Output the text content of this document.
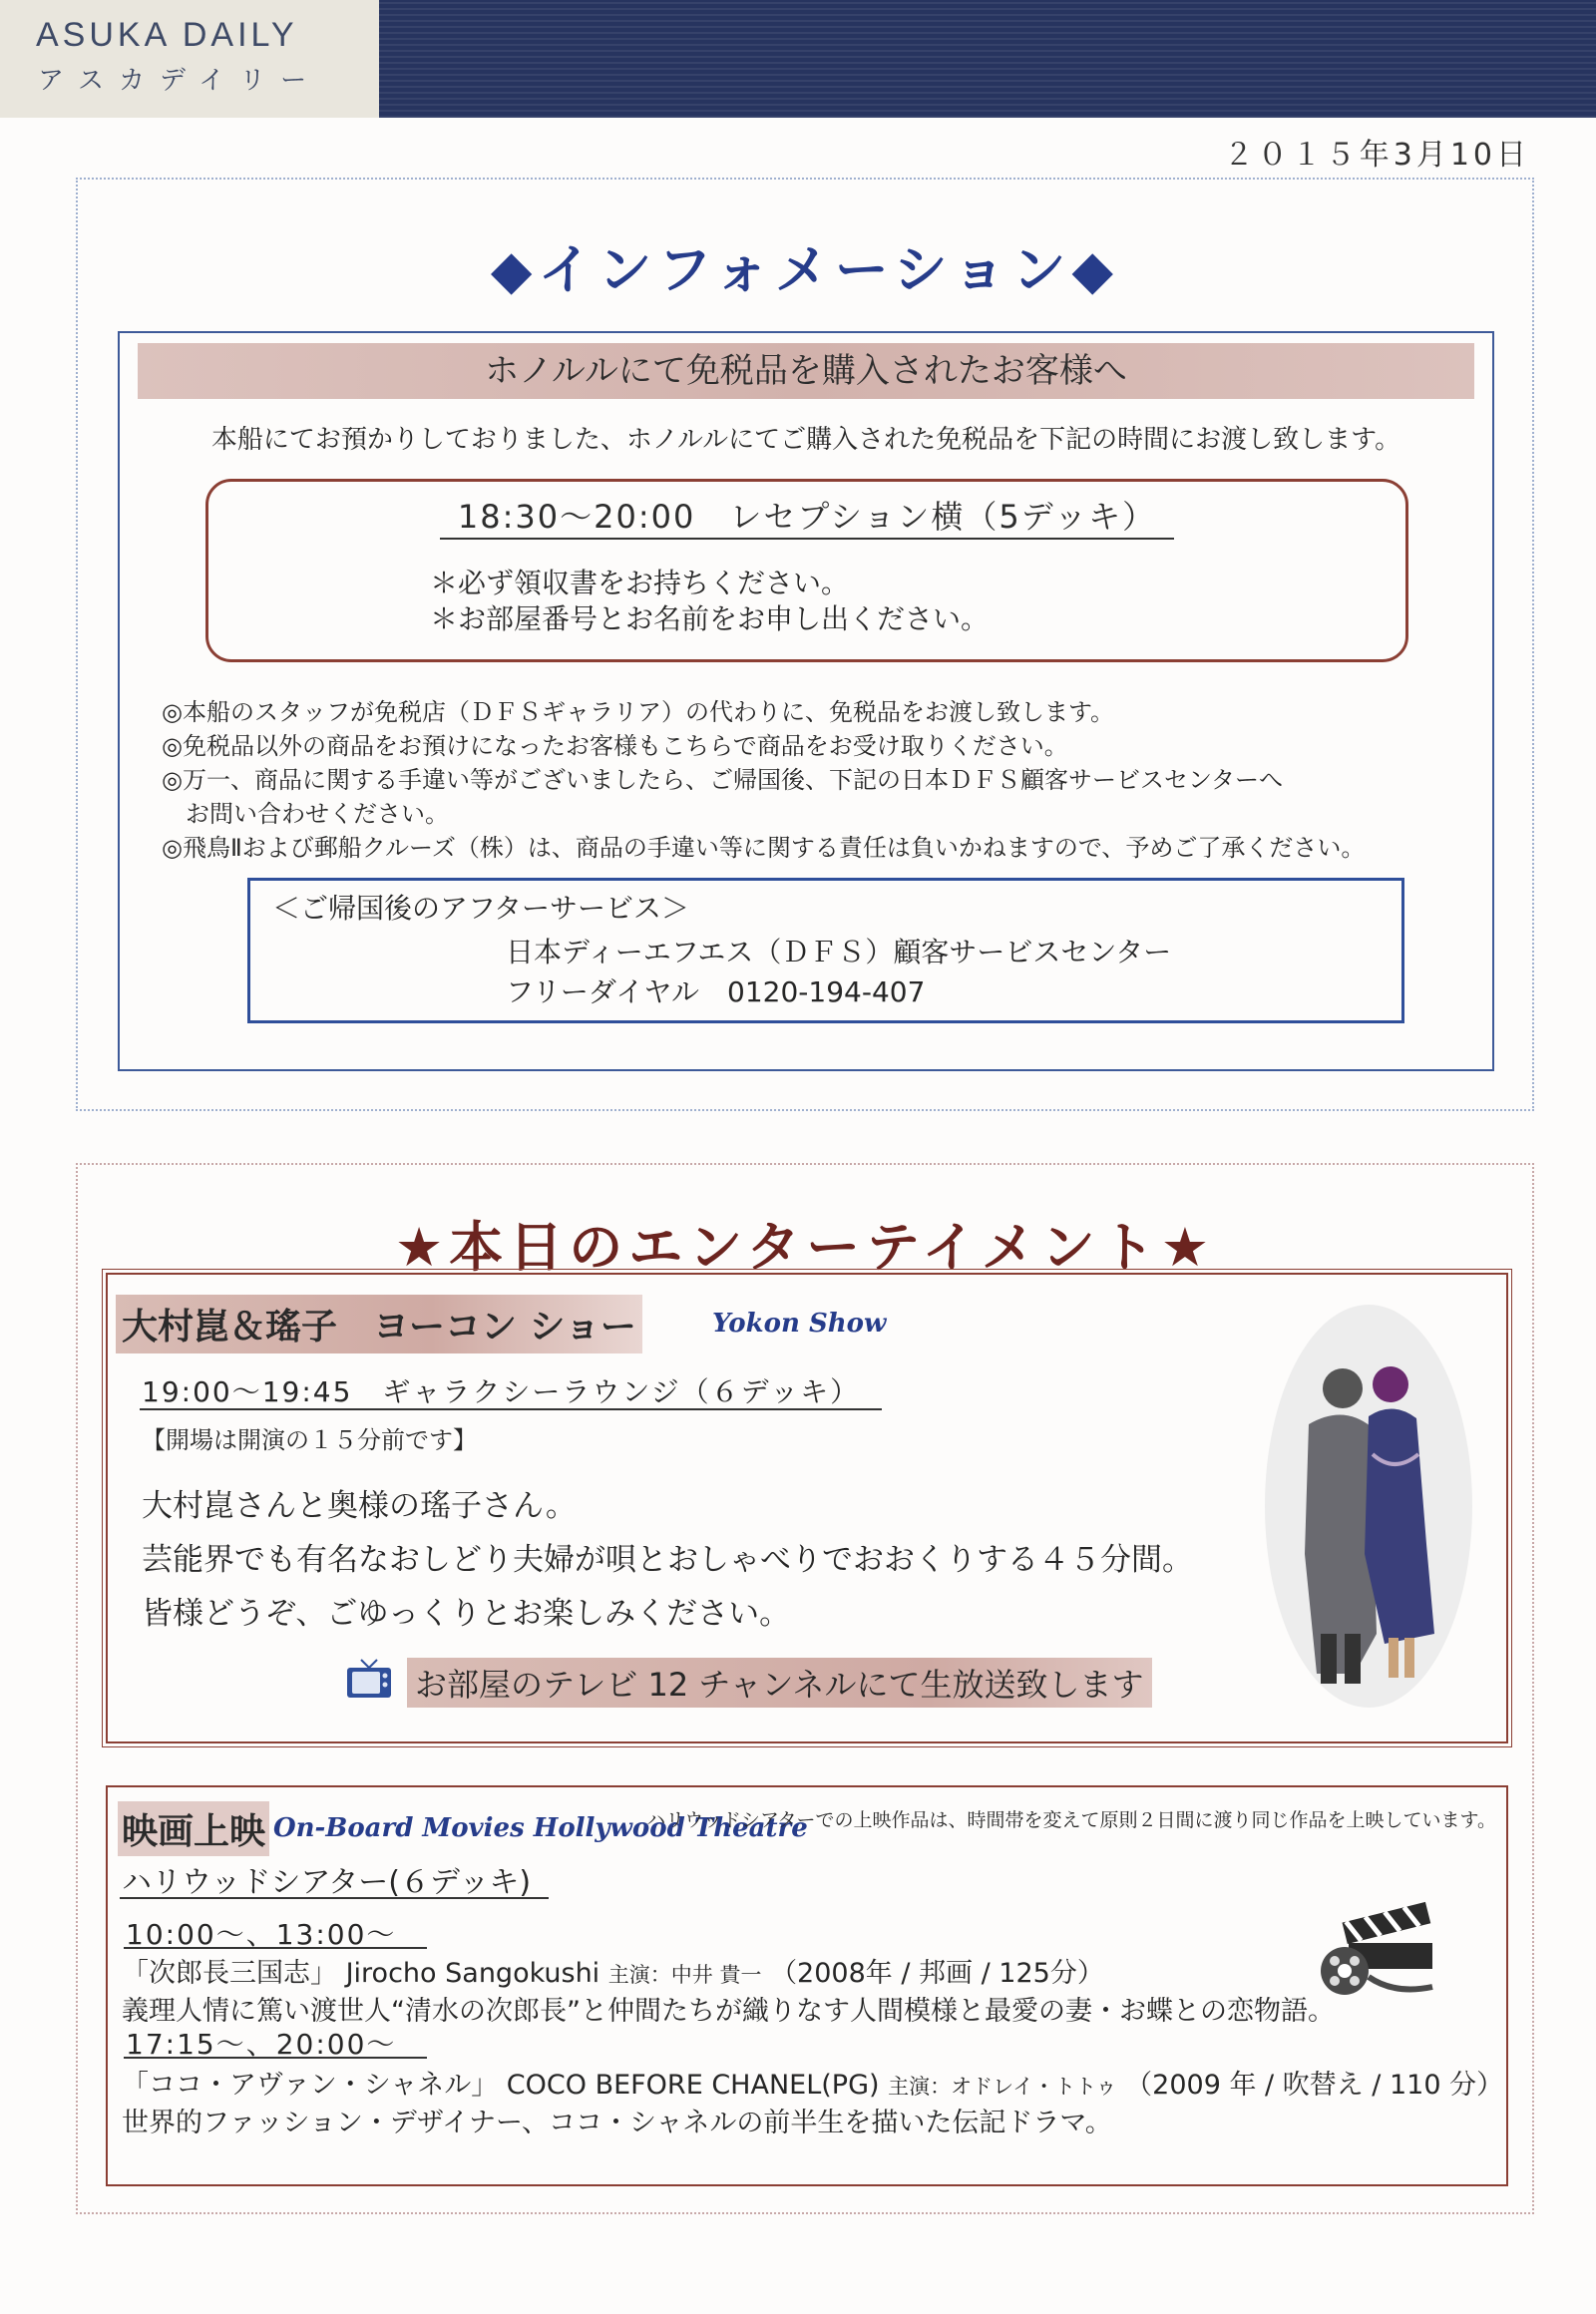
ASUKA DAILY
アスカデイリー
２０１５年3月10日
◆インフォメーション◆
ホノルルにて免税品を購入されたお客様へ
本船にてお預かりしておりました、ホノルルにてご購入された免税品を下記の時間にお渡し致します。
18:30～20:00　レセプション横（5デッキ）
＊必ず領収書をお持ちください。
＊お部屋番号とお名前をお申し出ください。
◎本船のスタッフが免税店（ＤＦＳギャラリア）の代わりに、免税品をお渡し致します。
◎免税品以外の商品をお預けになったお客様もこちらで商品をお受け取りください。
◎万一、商品に関する手違い等がございましたら、ご帰国後、下記の日本ＤＦＳ顧客サービスセンターへ
　お問い合わせください。
◎飛鳥Ⅱおよび郵船クルーズ（株）は、商品の手違い等に関する責任は負いかねますので、予めご了承ください。
＜ご帰国後のアフターサービス＞
日本ディーエフエス（ＤＦＳ）顧客サービスセンター
フリーダイヤル　0120-194-407
★本日のエンターテイメント★
大村崑＆瑤子　ヨーコン ショー	Yokon Show
19:00～19:45　ギャラクシーラウンジ（６デッキ）
【開場は開演の１５分前です】
大村崑さんと奥様の瑤子さん。
芸能界でも有名なおしどり夫婦が唄とおしゃべりでおおくりする４５分間。
皆様どうぞ、ごゆっくりとお楽しみください。
お部屋のテレビ 12 チャンネルにて生放送致します
映画上映 On-Board Movies Hollywood Theatre
ハリウッドシアターでの上映作品は、時間帯を変えて原則２日間に渡り同じ作品を上映しています。
ハリウッドシアター(６デッキ)
10:00～、13:00～
「次郎長三国志」 Jirocho Sangokushi 主演：中井 貴一 （2008年 / 邦画 / 125分）
義理人情に篤い渡世人“清水の次郎長”と仲間たちが織りなす人間模様と最愛の妻・お蝶との恋物語。
17:15～、20:00～
「ココ・アヴァン・シャネル」 COCO BEFORE CHANEL(PG) 主演：オドレイ・トトゥ （2009 年 / 吹替え / 110 分）
世界的ファッション・デザイナー、ココ・シャネルの前半生を描いた伝記ドラマ。
